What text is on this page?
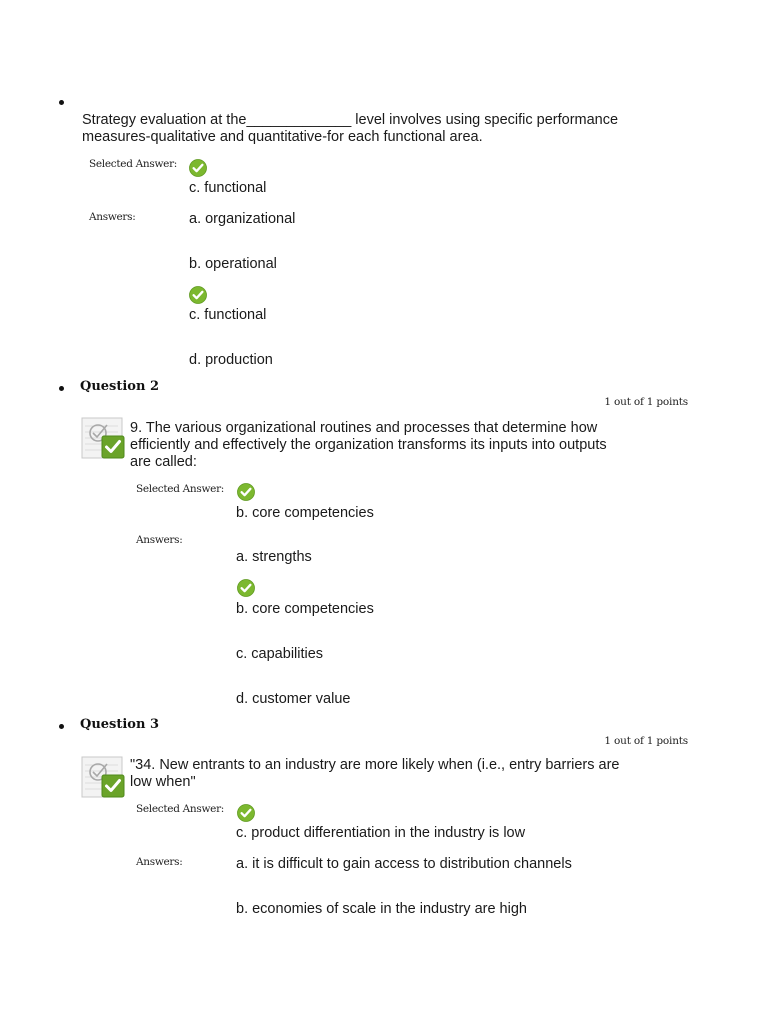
Strategy evaluation at the_____________ level involves using specific performance
measures-qualitative and quantitative-for each functional area.
Selected Answer:
c. functional
Answers:	a. organizational
b. operational
c. functional
d. production
Question 2
1 out of 1 points
9. The various organizational routines and processes that determine how
efficiently and effectively the organization transforms its inputs into outputs
are called:
Selected Answer:
b. core competencies
Answers:
a. strengths
b. core competencies
c. capabilities
d. customer value
Question 3
1 out of 1 points
"34. New entrants to an industry are more likely when (i.e., entry barriers are
low when"
Selected Answer:
c. product differentiation in the industry is low
Answers:	a. it is difficult to gain access to distribution channels
b. economies of scale in the industry are high
